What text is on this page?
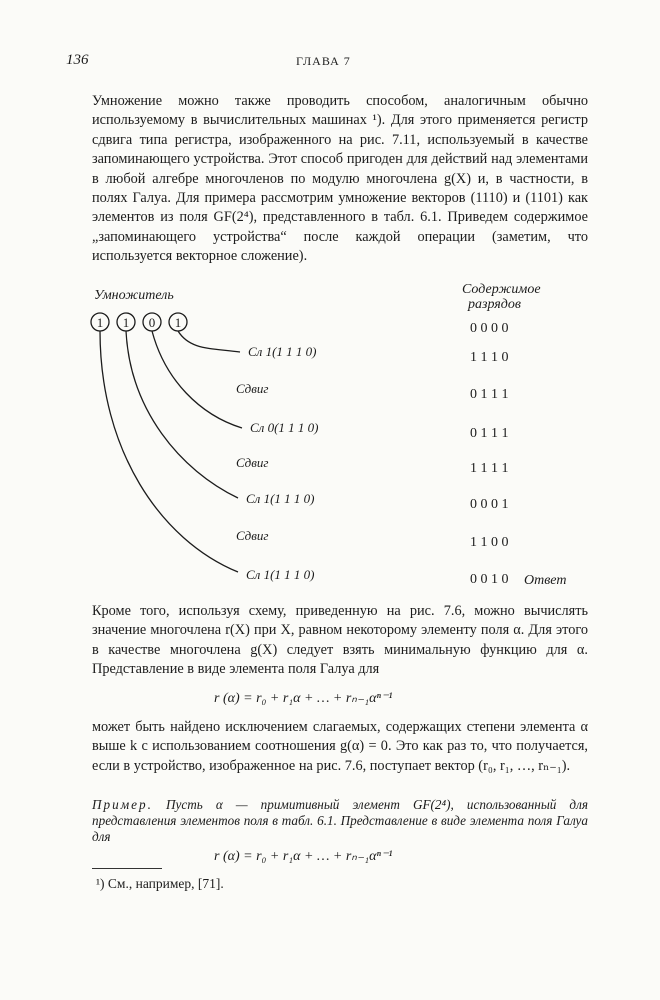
136	ГЛАВА 7

Умножение можно также проводить способом, аналогичным обычно используемому в вычислительных машинах ¹). Для этого применяется регистр сдвига типа регистра, изображенного на рис. 7.11, используемый в качестве запоминающего устройства. Этот способ пригоден для действий над элементами в любой алгебре многочленов по модулю многочлена g(X) и, в частности, в полях Галуа. Для примера рассмотрим умножение векторов (1110) и (1101) как элементов из поля GF(2⁴), представленного в табл. 6.1. Приведем содержимое „запоминающего устройства“ после каждой операции (заметим, что используется векторное сложение).

Умножитель	Содержимое
разрядов
1 1 0 1
Сл 1(1 1 1 0)
Сдвиг
Сл 0(1 1 1 0)
Сдвиг
Сл 1(1 1 1 0)
Сдвиг
Сл 1(1 1 1 0)
0 0 0 0
1 1 1 0
0 1 1 1
0 1 1 1
1 1 1 1
0 0 0 1
1 1 0 0
0 0 1 0 Ответ

Кроме того, используя схему, приведенную на рис. 7.6, можно вычислять значение многочлена r(X) при X, равном некоторому элементу поля α. Для этого в качестве многочлена g(X) следует взять минимальную функцию для α. Представление в виде элемента поля Галуа для

r (α) = r₀ + r₁α + … + rₙ₋₁αⁿ⁻¹

может быть найдено исключением слагаемых, содержащих степени элемента α выше k с использованием соотношения g(α) = 0. Это как раз то, что получается, если в устройство, изображенное на рис. 7.6, поступает вектор (r₀, r₁, …, rₙ₋₁).

Пример. Пусть α — примитивный элемент GF(2⁴), использованный для представления элементов поля в табл. 6.1. Представление в виде элемента поля Галуа для

r (α) = r₀ + r₁α + … + rₙ₋₁αⁿ⁻¹
¹) См., например, [71].
